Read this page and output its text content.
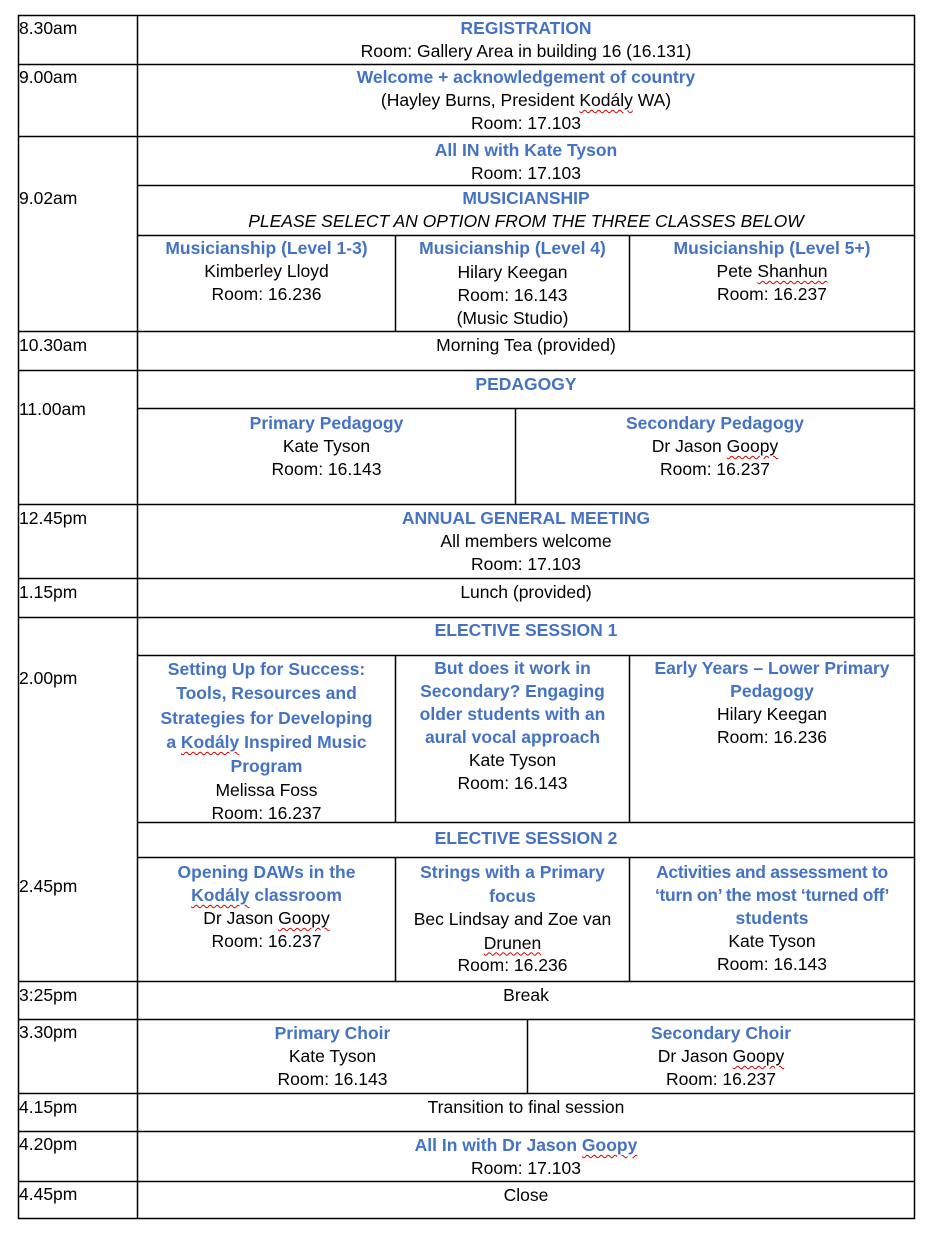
8.30am
9.00am
9.02am
10.30am
11.00am
12.45pm
1.15pm
2.00pm
2.45pm
3:25pm
3.30pm
4.15pm
4.20pm
4.45pm
REGISTRATION
Room: Gallery Area in building 16 (16.131)
Welcome + acknowledgement of country
(Hayley Burns, President Kodály WA)
Room: 17.103
All IN with Kate Tyson
Room: 17.103
MUSICIANSHIP
PLEASE SELECT AN OPTION FROM THE THREE CLASSES BELOW
Musicianship (Level 1-3)
Kimberley Lloyd
Room: 16.236
Musicianship (Level 4)
Hilary Keegan
Room: 16.143
(Music Studio)
Musicianship (Level 5+)
Pete Shanhun
Room: 16.237
Morning Tea (provided)
PEDAGOGY
Primary Pedagogy
Kate Tyson
Room: 16.143
Secondary Pedagogy
Dr Jason Goopy
Room: 16.237
ANNUAL GENERAL MEETING
All members welcome
Room: 17.103
Lunch (provided)
ELECTIVE SESSION 1
Setting Up for Success:
Tools, Resources and
Strategies for Developing
a Kodály Inspired Music
Program
Melissa Foss
Room: 16.237
But does it work in
Secondary? Engaging
older students with an
aural vocal approach
Kate Tyson
Room: 16.143
Early Years – Lower Primary
Pedagogy
Hilary Keegan
Room: 16.236
ELECTIVE SESSION 2
Opening DAWs in the
Kodály classroom
Dr Jason Goopy
Room: 16.237
Strings with a Primary
focus
Bec Lindsay and Zoe van
Drunen
Room: 16.236
Activities and assessment to
‘turn on’ the most ‘turned off’
students
Kate Tyson
Room: 16.143
Break
Primary Choir
Kate Tyson
Room: 16.143
Secondary Choir
Dr Jason Goopy
Room: 16.237
Transition to final session
All In with Dr Jason Goopy
Room: 17.103
Close
